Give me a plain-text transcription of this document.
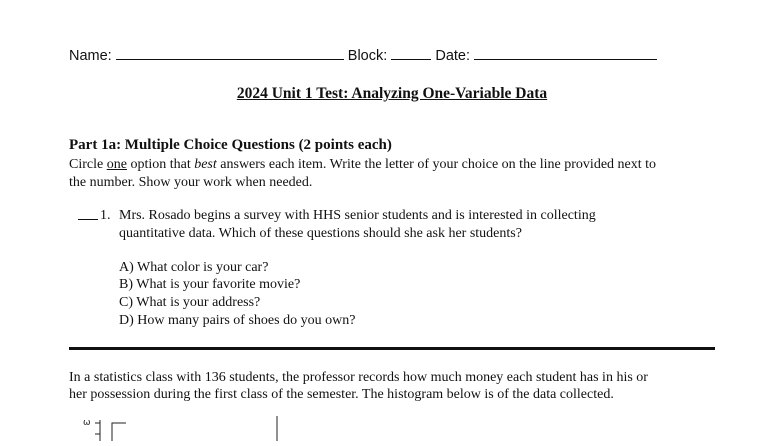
Name:	Block:	Date:
2024 Unit 1 Test: Analyzing One-Variable Data
Part 1a: Multiple Choice Questions (2 points each)
Circle one option that best answers each item. Write the letter of your choice on the line provided next to
the number. Show your work when needed.
1. Mrs. Rosado begins a survey with HHS senior students and is interested in collecting
quantitative data. Which of these questions should she ask her students?
A) What color is your car?
B) What is your favorite movie?
C) What is your address?
D) How many pairs of shoes do you own?
In a statistics class with 136 students, the professor records how much money each student has in his or
her possession during the first class of the semester. The histogram below is of the data collected.
ω
